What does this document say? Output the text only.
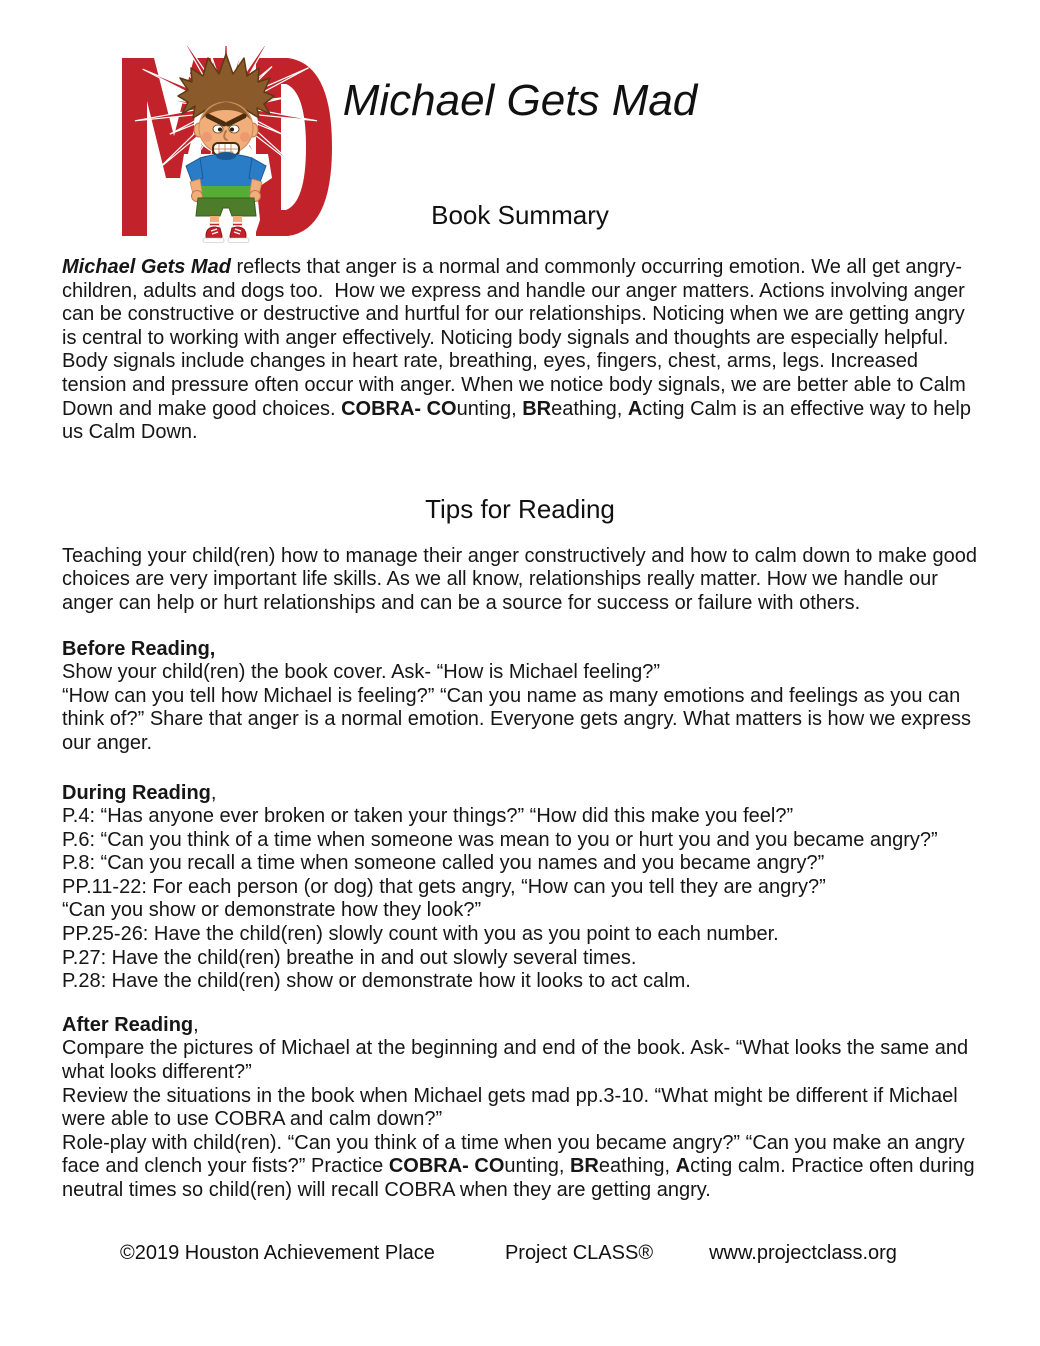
Michael Gets Mad
Book Summary

Michael Gets Mad reflects that anger is a normal and commonly occurring emotion. We all get angry- children, adults and dogs too.  How we express and handle our anger matters. Actions involving anger can be constructive or destructive and hurtful for our relationships. Noticing when we are getting angry is central to working with anger effectively. Noticing body signals and thoughts are especially helpful. Body signals include changes in heart rate, breathing, eyes, fingers, chest, arms, legs. Increased tension and pressure often occur with anger. When we notice body signals, we are better able to Calm Down and make good choices. COBRA- COunting, BReathing, Acting Calm is an effective way to help us Calm Down.

Tips for Reading

Teaching your child(ren) how to manage their anger constructively and how to calm down to make good choices are very important life skills. As we all know, relationships really matter. How we handle our anger can help or hurt relationships and can be a source for success or failure with others.

Before Reading,

Show your child(ren) the book cover. Ask- “How is Michael feeling?”

“How can you tell how Michael is feeling?” “Can you name as many emotions and feelings as you can think of?” Share that anger is a normal emotion. Everyone gets angry. What matters is how we express our anger.

During Reading,

P.4: “Has anyone ever broken or taken your things?” “How did this make you feel?”

P.6: “Can you think of a time when someone was mean to you or hurt you and you became angry?”

P.8: “Can you recall a time when someone called you names and you became angry?”

PP.11-22: For each person (or dog) that gets angry, “How can you tell they are angry?”

“Can you show or demonstrate how they look?”

PP.25-26: Have the child(ren) slowly count with you as you point to each number.

P.27: Have the child(ren) breathe in and out slowly several times.

P.28: Have the child(ren) show or demonstrate how it looks to act calm.

After Reading,

Compare the pictures of Michael at the beginning and end of the book. Ask- “What looks the same and what looks different?”

Review the situations in the book when Michael gets mad pp.3-10. “What might be different if Michael were able to use COBRA and calm down?”

Role-play with child(ren). “Can you think of a time when you became angry?” “Can you make an angry face and clench your fists?” Practice COBRA- COunting, BReathing, Acting calm. Practice often during neutral times so child(ren) will recall COBRA when they are getting angry.

©2019 Houston Achievement Place	Project CLASS®	www.projectclass.org
